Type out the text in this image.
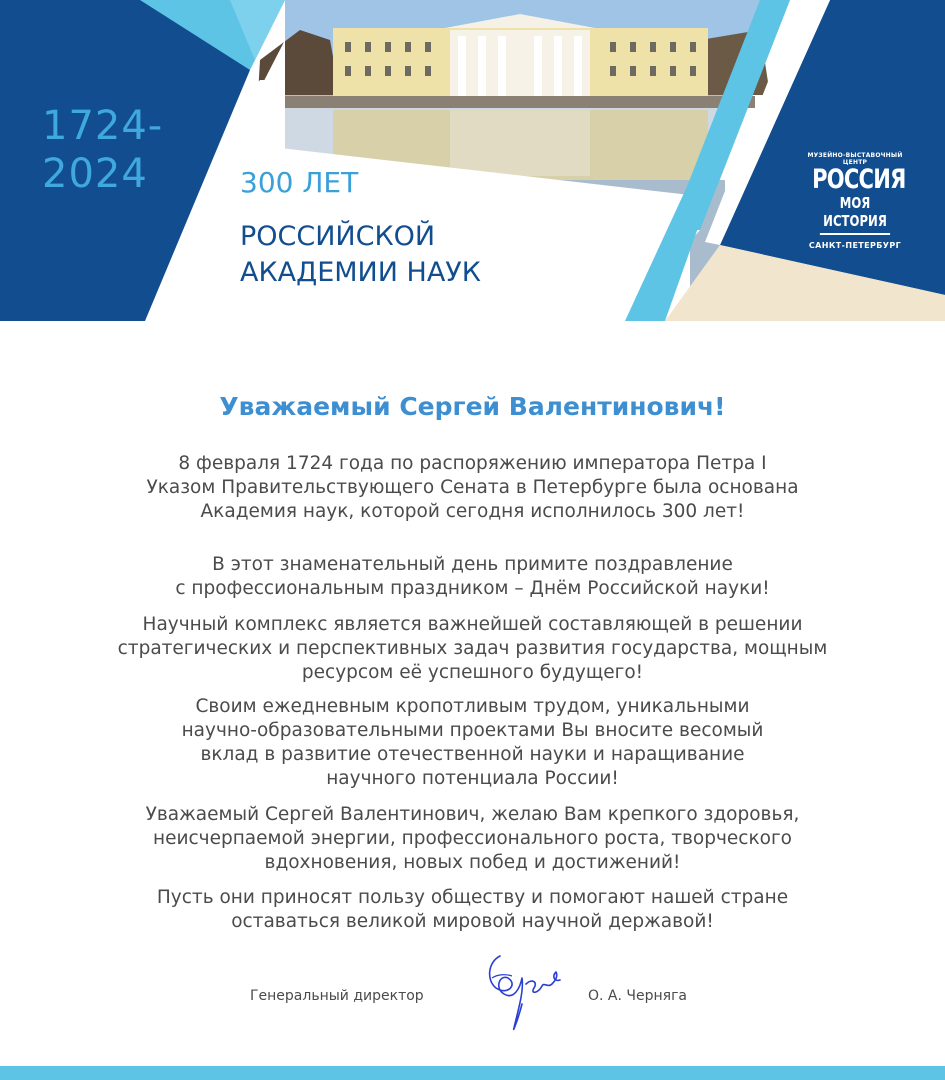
1724-
2024	300 ЛЕТ

РОССИЙСКОЙ
АКАДЕМИИ НАУК

МУЗЕЙНО-ВЫСТАВОЧНЫЙ ЦЕНТР
РОССИЯ
МОЯ ИСТОРИЯ
САНКТ-ПЕТЕРБУРГ

Уважаемый Сергей Валентинович!

8 февраля 1724 года по распоряжению императора Петра I
Указом Правительствующего Сената в Петербурге была основана
Академия наук, которой сегодня исполнилось 300 лет!

В этот знаменательный день примите поздравление
с профессиональным праздником – Днём Российской науки!

Научный комплекс является важнейшей составляющей в решении
стратегических и перспективных задач развития государства, мощным
ресурсом её успешного будущего!

Своим ежедневным кропотливым трудом, уникальными
научно-образовательными проектами Вы вносите весомый
вклад в развитие отечественной науки и наращивание
научного потенциала России!

Уважаемый Сергей Валентинович, желаю Вам крепкого здоровья,
неисчерпаемой энергии, профессионального роста, творческого
вдохновения, новых побед и достижений!

Пусть они приносят пользу обществу и помогают нашей стране
оставаться великой мировой научной державой!

Генеральный директор	О. А. Черняга
